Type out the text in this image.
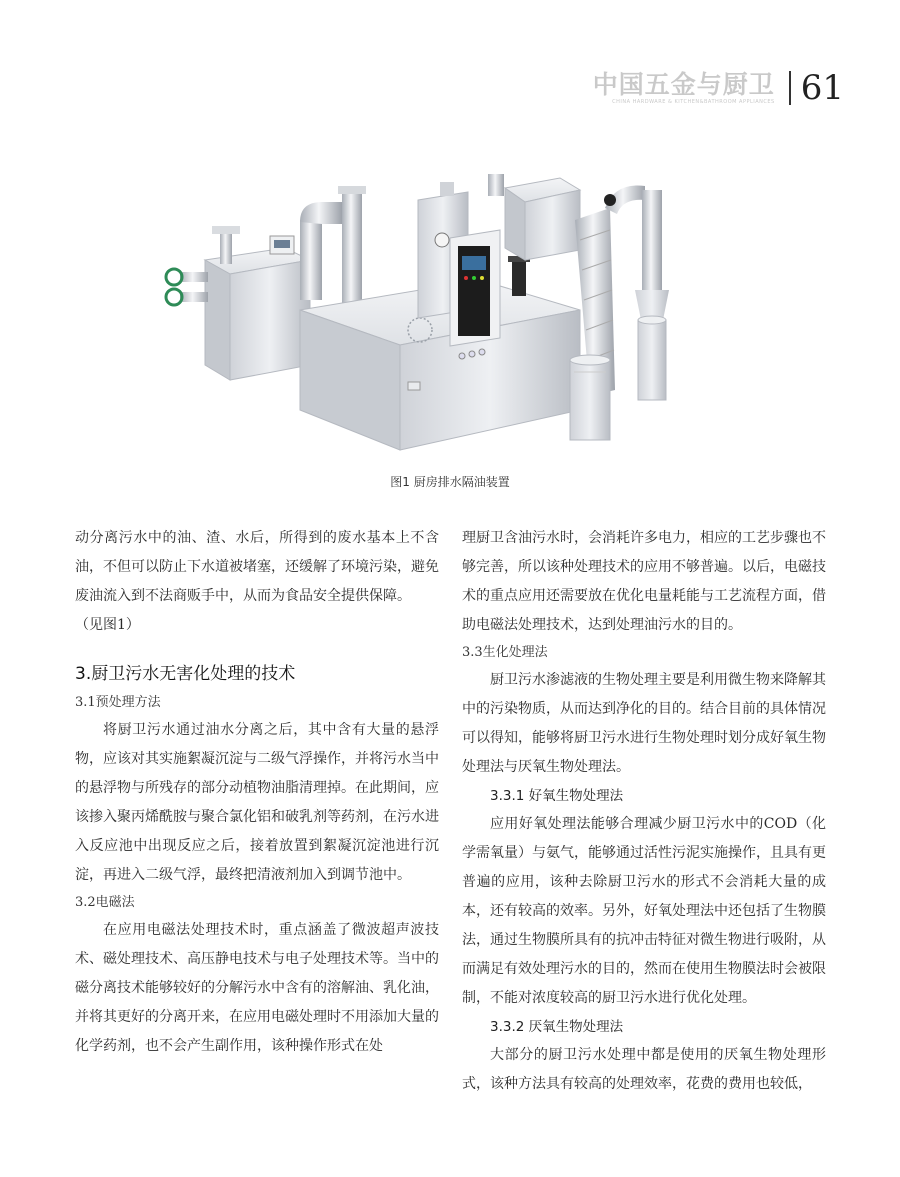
中国五金与厨卫
CHINA HARDWARE & KITCHEN&BATHROOM APPLIANCES 61
图1 厨房排水隔油装置

动分离污水中的油、渣、水后，所得到的废水基本上不含油，不但可以防止下水道被堵塞，还缓解了环境污染，避免废油流入到不法商贩手中，从而为食品安全提供保障。

（见图1）

3.厨卫污水无害化处理的技术
3.1预处理方法

将厨卫污水通过油水分离之后，其中含有大量的悬浮物，应该对其实施絮凝沉淀与二级气浮操作，并将污水当中的悬浮物与所残存的部分动植物油脂清理掉。在此期间，应该掺入聚丙烯酰胺与聚合氯化铝和破乳剂等药剂，在污水进入反应池中出现反应之后，接着放置到絮凝沉淀池进行沉淀，再进入二级气浮，最终把清液剂加入到调节池中。

3.2电磁法

在应用电磁法处理技术时，重点涵盖了微波超声波技术、磁处理技术、高压静电技术与电子处理技术等。当中的磁分离技术能够较好的分解污水中含有的溶解油、乳化油，并将其更好的分离开来，在应用电磁处理时不用添加大量的化学药剂，也不会产生副作用，该种操作形式在处

理厨卫含油污水时，会消耗许多电力，相应的工艺步骤也不够完善，所以该种处理技术的应用不够普遍。以后，电磁技术的重点应用还需要放在优化电量耗能与工艺流程方面，借助电磁法处理技术，达到处理油污水的目的。

3.3生化处理法

厨卫污水渗滤液的生物处理主要是利用微生物来降解其中的污染物质，从而达到净化的目的。结合目前的具体情况可以得知，能够将厨卫污水进行生物处理时划分成好氧生物处理法与厌氧生物处理法。

3.3.1 好氧生物处理法

应用好氧处理法能够合理减少厨卫污水中的COD（化学需氧量）与氨气，能够通过活性污泥实施操作，且具有更普遍的应用，该种去除厨卫污水的形式不会消耗大量的成本，还有较高的效率。另外，好氧处理法中还包括了生物膜法，通过生物膜所具有的抗冲击特征对微生物进行吸附，从而满足有效处理污水的目的，然而在使用生物膜法时会被限制，不能对浓度较高的厨卫污水进行优化处理。

3.3.2 厌氧生物处理法

大部分的厨卫污水处理中都是使用的厌氧生物处理形式，该种方法具有较高的处理效率，花费的费用也较低，
